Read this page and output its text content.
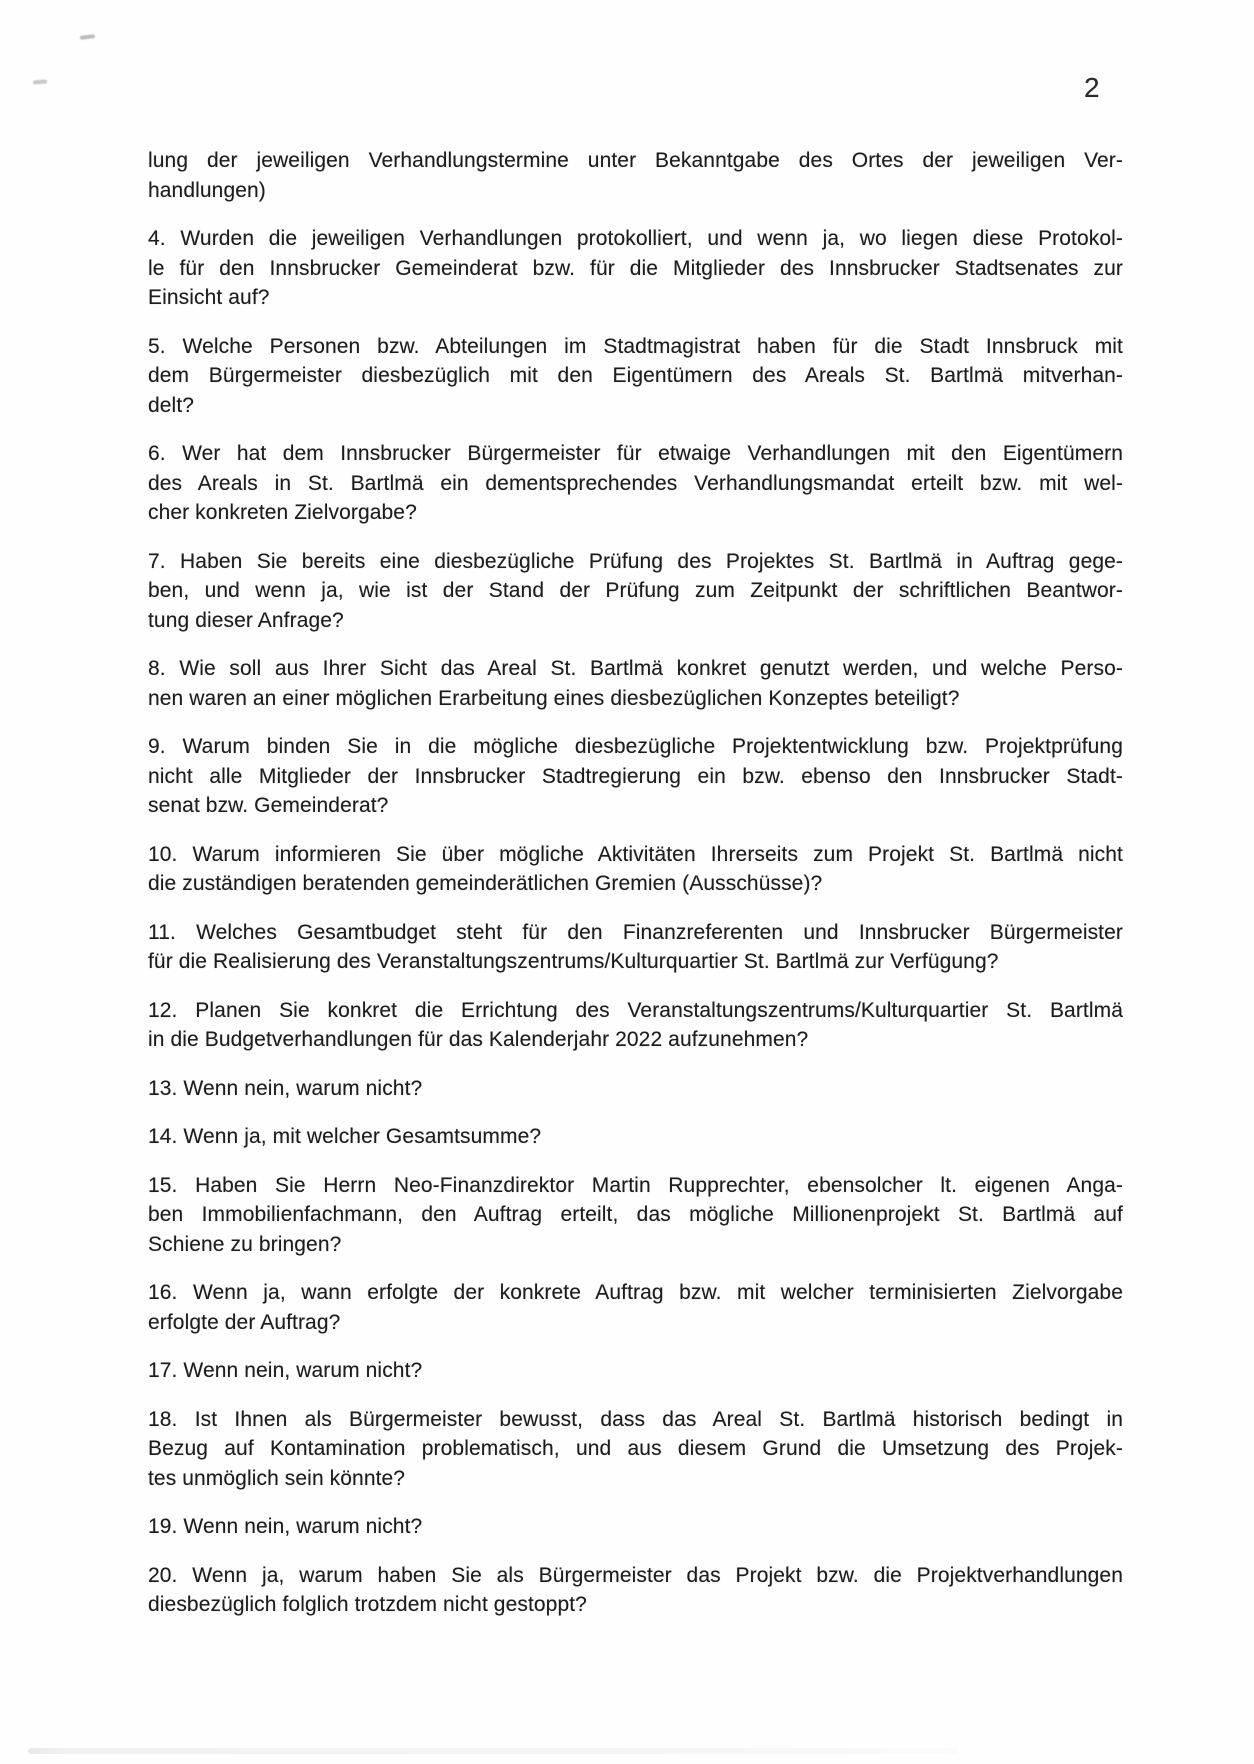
2
lung der jeweiligen Verhandlungstermine unter Bekanntgabe des Ortes der jeweiligen Ver-
handlungen)
4. Wurden die jeweiligen Verhandlungen protokolliert, und wenn ja, wo liegen diese Protokol-
le für den Innsbrucker Gemeinderat bzw. für die Mitglieder des Innsbrucker Stadtsenates zur
Einsicht auf?
5. Welche Personen bzw. Abteilungen im Stadtmagistrat haben für die Stadt Innsbruck mit
dem Bürgermeister diesbezüglich mit den Eigentümern des Areals St. Bartlmä mitverhan-
delt?
6. Wer hat dem Innsbrucker Bürgermeister für etwaige Verhandlungen mit den Eigentümern
des Areals in St. Bartlmä ein dementsprechendes Verhandlungsmandat erteilt bzw. mit wel-
cher konkreten Zielvorgabe?
7. Haben Sie bereits eine diesbezügliche Prüfung des Projektes St. Bartlmä in Auftrag gege-
ben, und wenn ja, wie ist der Stand der Prüfung zum Zeitpunkt der schriftlichen Beantwor-
tung dieser Anfrage?
8. Wie soll aus Ihrer Sicht das Areal St. Bartlmä konkret genutzt werden, und welche Perso-
nen waren an einer möglichen Erarbeitung eines diesbezüglichen Konzeptes beteiligt?
9. Warum binden Sie in die mögliche diesbezügliche Projektentwicklung bzw. Projektprüfung
nicht alle Mitglieder der Innsbrucker Stadtregierung ein bzw. ebenso den Innsbrucker Stadt-
senat bzw. Gemeinderat?
10. Warum informieren Sie über mögliche Aktivitäten Ihrerseits zum Projekt St. Bartlmä nicht
die zuständigen beratenden gemeinderätlichen Gremien (Ausschüsse)?
11. Welches Gesamtbudget steht für den Finanzreferenten und Innsbrucker Bürgermeister
für die Realisierung des Veranstaltungszentrums/Kulturquartier St. Bartlmä zur Verfügung?
12. Planen Sie konkret die Errichtung des Veranstaltungszentrums/Kulturquartier St. Bartlmä
in die Budgetverhandlungen für das Kalenderjahr 2022 aufzunehmen?
13. Wenn nein, warum nicht?
14. Wenn ja, mit welcher Gesamtsumme?
15. Haben Sie Herrn Neo-Finanzdirektor Martin Rupprechter, ebensolcher lt. eigenen Anga-
ben Immobilienfachmann, den Auftrag erteilt, das mögliche Millionenprojekt St. Bartlmä auf
Schiene zu bringen?
16. Wenn ja, wann erfolgte der konkrete Auftrag bzw. mit welcher terminisierten Zielvorgabe
erfolgte der Auftrag?
17. Wenn nein, warum nicht?
18. Ist Ihnen als Bürgermeister bewusst, dass das Areal St. Bartlmä historisch bedingt in
Bezug auf Kontamination problematisch, und aus diesem Grund die Umsetzung des Projek-
tes unmöglich sein könnte?
19. Wenn nein, warum nicht?
20. Wenn ja, warum haben Sie als Bürgermeister das Projekt bzw. die Projektverhandlungen
diesbezüglich folglich trotzdem nicht gestoppt?
